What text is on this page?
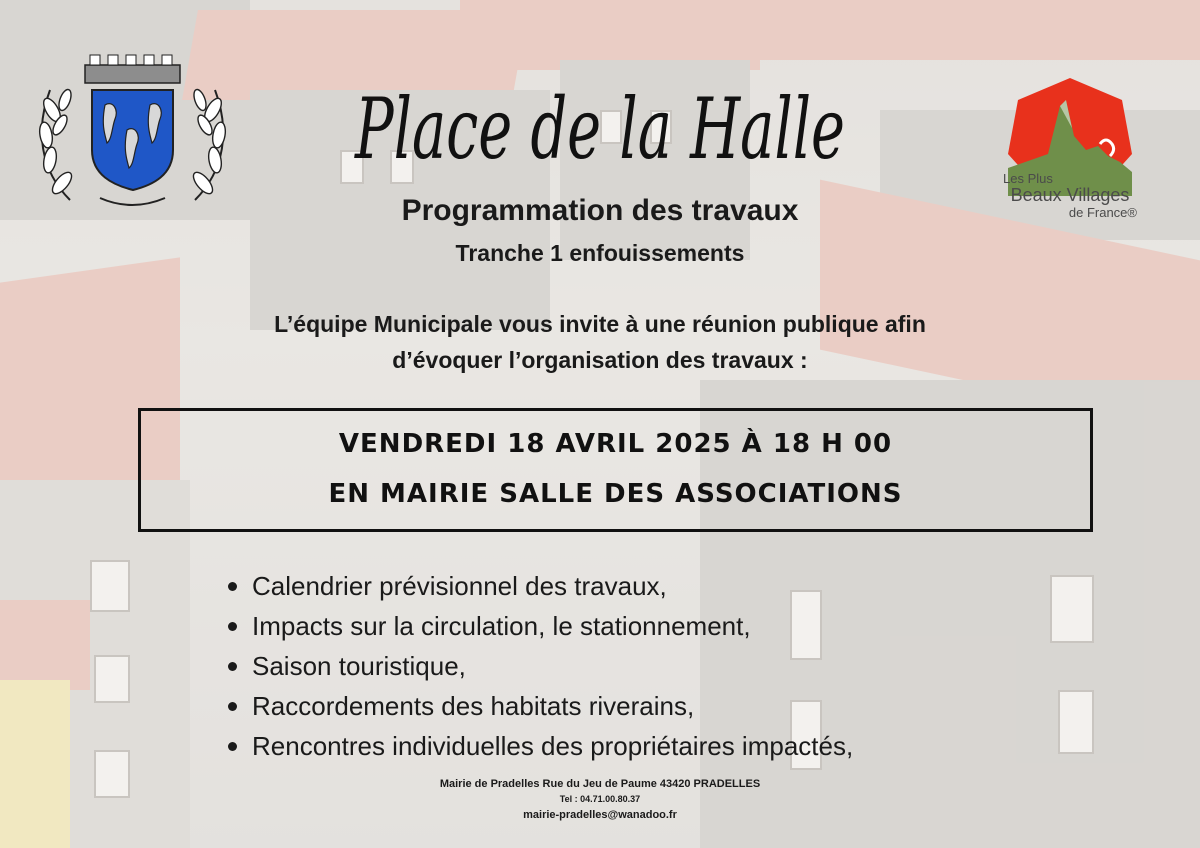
Place de la Halle
Programmation des travaux
Tranche 1 enfouissements
L’équipe Municipale vous invite à une réunion publique afin
d’évoquer l’organisation des travaux :
VENDREDI 18 AVRIL 2025 À 18 H 00
EN MAIRIE SALLE DES ASSOCIATIONS
Calendrier prévisionnel des travaux,
Impacts sur la circulation, le stationnement,
Saison touristique,
Raccordements des habitats riverains,
Rencontres individuelles des propriétaires impactés,
Mairie de Pradelles Rue du Jeu de Paume 43420 PRADELLES
Tel : 04.71.00.80.37
mairie-pradelles@wanadoo.fr
Les Plus
Beaux Villages
de France®
